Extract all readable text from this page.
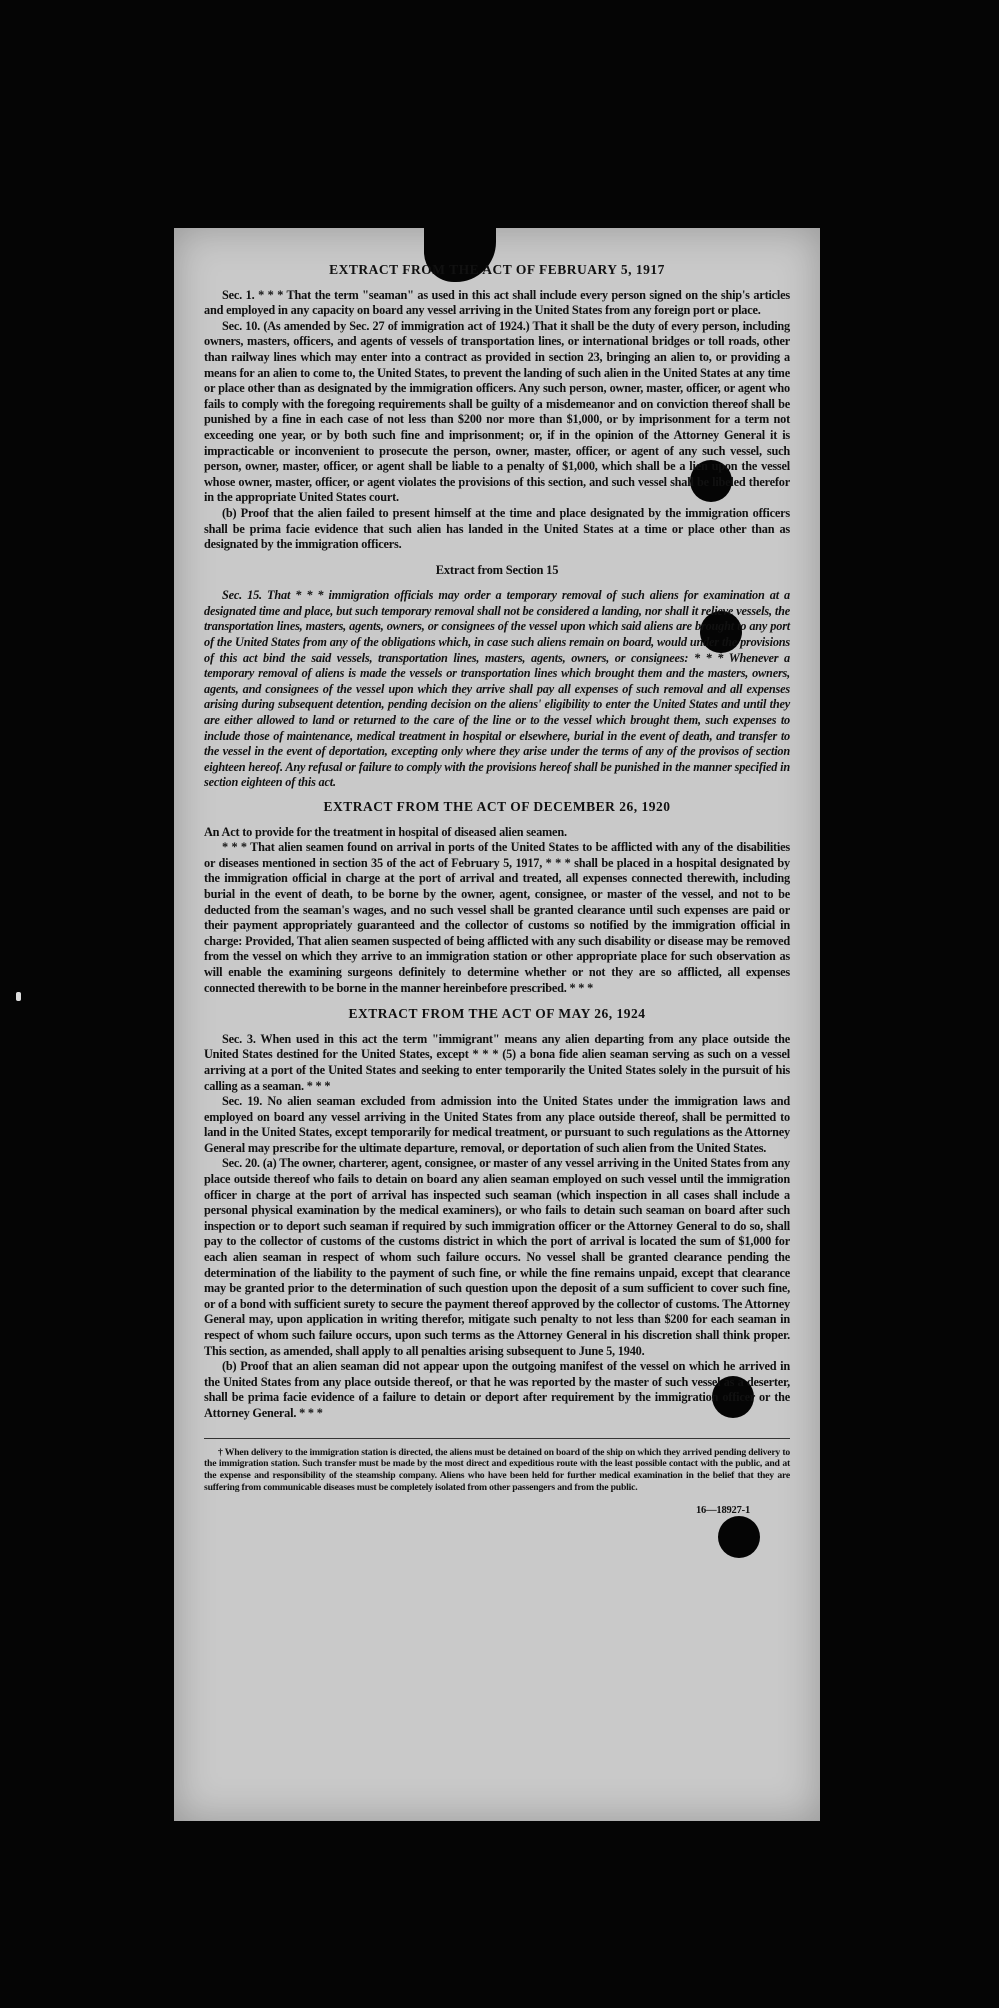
EXTRACT FROM THE ACT OF FEBRUARY 5, 1917

Sec. 1. * * * That the term "seaman" as used in this act shall include every person signed on the ship's articles and employed in any capacity on board any vessel arriving in the United States from any foreign port or place.

Sec. 10. (As amended by Sec. 27 of immigration act of 1924.) That it shall be the duty of every person, including owners, masters, officers, and agents of vessels of transportation lines, or international bridges or toll roads, other than railway lines which may enter into a contract as provided in section 23, bringing an alien to, or providing a means for an alien to come to, the United States, to prevent the landing of such alien in the United States at any time or place other than as designated by the immigration officers. Any such person, owner, master, officer, or agent who fails to comply with the foregoing requirements shall be guilty of a misdemeanor and on conviction thereof shall be punished by a fine in each case of not less than $200 nor more than $1,000, or by imprisonment for a term not exceeding one year, or by both such fine and imprisonment; or, if in the opinion of the Attorney General it is impracticable or inconvenient to prosecute the person, owner, master, officer, or agent of any such vessel, such person, owner, master, officer, or agent shall be liable to a penalty of $1,000, which shall be a lien upon the vessel whose owner, master, officer, or agent violates the provisions of this section, and such vessel shall be libeled therefor in the appropriate United States court.

(b) Proof that the alien failed to present himself at the time and place designated by the immigration officers shall be prima facie evidence that such alien has landed in the United States at a time or place other than as designated by the immigration officers.

Extract from Section 15

Sec. 15. That * * * immigration officials may order a temporary removal of such aliens for examination at a designated time and place, but such temporary removal shall not be considered a landing, nor shall it relieve vessels, the transportation lines, masters, agents, owners, or consignees of the vessel upon which said aliens are brought to any port of the United States from any of the obligations which, in case such aliens remain on board, would under the provisions of this act bind the said vessels, transportation lines, masters, agents, owners, or consignees: * * * Whenever a temporary removal of aliens is made the vessels or transportation lines which brought them and the masters, owners, agents, and consignees of the vessel upon which they arrive shall pay all expenses of such removal and all expenses arising during subsequent detention, pending decision on the aliens' eligibility to enter the United States and until they are either allowed to land or returned to the care of the line or to the vessel which brought them, such expenses to include those of maintenance, medical treatment in hospital or elsewhere, burial in the event of death, and transfer to the vessel in the event of deportation, excepting only where they arise under the terms of any of the provisos of section eighteen hereof. Any refusal or failure to comply with the provisions hereof shall be punished in the manner specified in section eighteen of this act.

EXTRACT FROM THE ACT OF DECEMBER 26, 1920

An Act to provide for the treatment in hospital of diseased alien seamen.

* * * That alien seamen found on arrival in ports of the United States to be afflicted with any of the disabilities or diseases mentioned in section 35 of the act of February 5, 1917, * * * shall be placed in a hospital designated by the immigration official in charge at the port of arrival and treated, all expenses connected therewith, including burial in the event of death, to be borne by the owner, agent, consignee, or master of the vessel, and not to be deducted from the seaman's wages, and no such vessel shall be granted clearance until such expenses are paid or their payment appropriately guaranteed and the collector of customs so notified by the immigration official in charge: Provided, That alien seamen suspected of being afflicted with any such disability or disease may be removed from the vessel on which they arrive to an immigration station or other appropriate place for such observation as will enable the examining surgeons definitely to determine whether or not they are so afflicted, all expenses connected therewith to be borne in the manner hereinbefore prescribed. * * *

EXTRACT FROM THE ACT OF MAY 26, 1924

Sec. 3. When used in this act the term "immigrant" means any alien departing from any place outside the United States destined for the United States, except * * * (5) a bona fide alien seaman serving as such on a vessel arriving at a port of the United States and seeking to enter temporarily the United States solely in the pursuit of his calling as a seaman. * * *

Sec. 19. No alien seaman excluded from admission into the United States under the immigration laws and employed on board any vessel arriving in the United States from any place outside thereof, shall be permitted to land in the United States, except temporarily for medical treatment, or pursuant to such regulations as the Attorney General may prescribe for the ultimate departure, removal, or deportation of such alien from the United States.

Sec. 20. (a) The owner, charterer, agent, consignee, or master of any vessel arriving in the United States from any place outside thereof who fails to detain on board any alien seaman employed on such vessel until the immigration officer in charge at the port of arrival has inspected such seaman (which inspection in all cases shall include a personal physical examination by the medical examiners), or who fails to detain such seaman on board after such inspection or to deport such seaman if required by such immigration officer or the Attorney General to do so, shall pay to the collector of customs of the customs district in which the port of arrival is located the sum of $1,000 for each alien seaman in respect of whom such failure occurs. No vessel shall be granted clearance pending the determination of the liability to the payment of such fine, or while the fine remains unpaid, except that clearance may be granted prior to the determination of such question upon the deposit of a sum sufficient to cover such fine, or of a bond with sufficient surety to secure the payment thereof approved by the collector of customs. The Attorney General may, upon application in writing therefor, mitigate such penalty to not less than $200 for each seaman in respect of whom such failure occurs, upon such terms as the Attorney General in his discretion shall think proper. This section, as amended, shall apply to all penalties arising subsequent to June 5, 1940.

(b) Proof that an alien seaman did not appear upon the outgoing manifest of the vessel on which he arrived in the United States from any place outside thereof, or that he was reported by the master of such vessel as a deserter, shall be prima facie evidence of a failure to detain or deport after requirement by the immigration officer or the Attorney General. * * *

† When delivery to the immigration station is directed, the aliens must be detained on board of the ship on which they arrived pending delivery to the immigration station. Such transfer must be made by the most direct and expeditious route with the least possible contact with the public, and at the expense and responsibility of the steamship company. Aliens who have been held for further medical examination in the belief that they are suffering from communicable diseases must be completely isolated from other passengers and from the public.

16—18927-1
